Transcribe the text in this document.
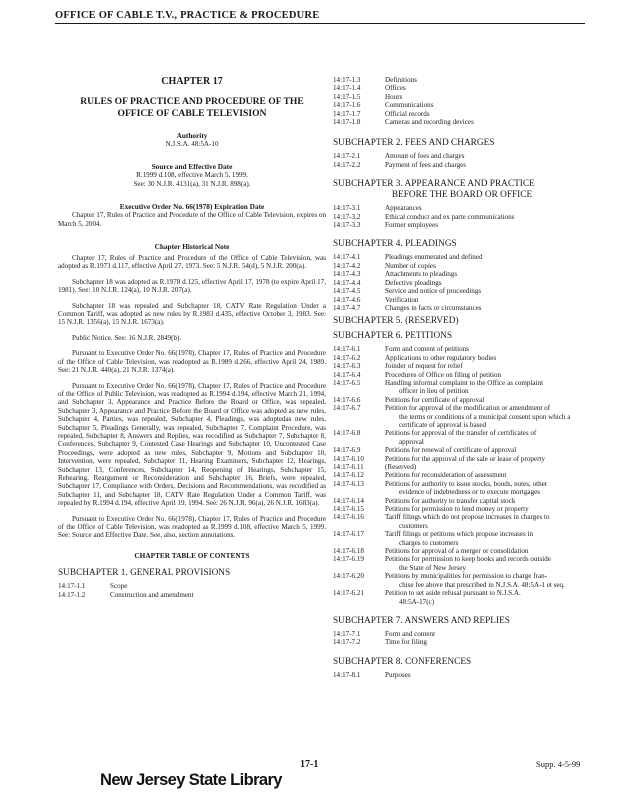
OFFICE OF CABLE T.V., PRACTICE & PROCEDURE
CHAPTER 17
RULES OF PRACTICE AND PROCEDURE OF THE OFFICE OF CABLE TELEVISION
Authority
N.J.S.A. 48:5A-10
Source and Effective Date
R.1999 d.108, effective March 5, 1999.
See: 30 N.J.R. 4131(a), 31 N.J.R. 898(a).
Executive Order No. 66(1978) Expiration Date

Chapter 17, Rules of Practice and Procedure of the Office of Cable Television, expires on March 5, 2004.

Chapter Historical Note

Chapter 17, Rules of Practice and Procedure of the Office of Cable Television, was adopted as R.1973 d.117, effective April 27, 1973. See: 5 N.J.R. 54(d), 5 N.J.R. 200(a).

Subchapter 18 was adopted as R.1978 d.125, effective April 17, 1978 (to expire April 17, 1981). See: 10 N.J.R. 124(a), 10 N.J.R. 207(a).

Subchapter 18 was repealed and Subchapter 18, CATV Rate Regulation Under a Common Tariff, was adopted as new rules by R.1983 d.435, effective October 3, 1983. See: 15 N.J.R. 1356(a), 15 N.J.R. 1673(a).

Public Notice. See: 16 N.J.R. 2849(b).

Pursuant to Executive Order No. 66(1978), Chapter 17, Rules of Practice and Procedure of the Office of Cable Television, was readopted as R.1989 d.266, effective April 24, 1989. See: 21 N.J.R. 440(a), 21 N.J.R. 1374(a).

Pursuant to Executive Order No. 66(1978), Chapter 17, Rules of Practice and Procedure of the Office of Public Television, was readopted as R.1994 d.194, effective March 21, 1994, and Subchapter 3, Appearance and Practice Before the Board or Office, was repealed, Subchapter 3, Appearance and Practice Before the Board or Office was adopted as new rules, Subchapter 4, Parties, was repealed, Subchapter 4, Pleadings, was adoptedas new rules, Subchapter 5, Pleadings Generally, was repealed, Subchapter 7, Complaint Procedure, was repealed, Subchapter 8, Answers and Replies, was recodified as Subchapter 7, Subchapter 8, Conferences, Subchapter 9, Contested Case Hearings and Subchapter 10, Uncontested Case Proceedings, were adopted as new rules, Subchapter 9, Motions and Subchapter 10, Intervention, were repealed, Subchapter 11, Hearing Examiners, Subchapter 12, Hearings, Subchapter 13, Conferences, Subchapter 14, Reopening of Hearings, Subchapter 15, Rehearing, Reargument or Reconsideration and Subchapter 16, Briefs, were repealed, Subchapter 17, Compliance with Orders, Decisions and Recommendations, was recodified as Subchapter 11, and Subchapter 18, CATV Rate Regulation Under a Common Tariff, was repealed by R.1994 d.194, effective April 19, 1994. See: 26 N.J.R. 96(a), 26 N.J.R. 1683(a).

Pursuant to Executive Order No. 66(1978), Chapter 17, Rules of Practice and Procedure of the Office of Cable Television, was readopted as R.1999 d.108, effective March 5, 1999. See: Source and Effective Date. See, also, section annotations.

CHAPTER TABLE OF CONTENTS
SUBCHAPTER 1. GENERAL PROVISIONS
14:17-1.1	Scope
14:17-1.2	Construction and amendment
14:17-1.3	Definitions
14:17-1.4	Offices
14:17-1.5	Hours
14:17-1.6	Communications
14:17-1.7	Official records
14:17-1.8	Cameras and recording devices
SUBCHAPTER 2. FEES AND CHARGES
14:17-2.1	Amount of fees and charges
14:17-2.2	Payment of fees and charges
SUBCHAPTER 3. APPEARANCE AND PRACTICE
BEFORE THE BOARD OR OFFICE
14:17-3.1	Appearances
14:17-3.2	Ethical conduct and ex parte communications
14:17-3.3	Former employees
SUBCHAPTER 4. PLEADINGS
14:17-4.1	Pleadings enumerated and defined
14:17-4.2	Number of copies
14:17-4.3	Attachments to pleadings
14:17-4.4	Defective pleadings
14:17-4.5	Service and notice of proceedings
14:17-4.6	Verification
14:17-4.7	Changes in facts or circumstances
SUBCHAPTER 5. (RESERVED)
SUBCHAPTER 6. PETITIONS
14:17-6.1	Form and content of petitions
14:17-6.2	Applications to other regulatory bodies
14:17-6.3	Joinder of request for relief
14:17-6.4	Procedures of Office on filing of petition
14:17-6.5	Handling informal complaint to the Office as complaint
officer in lieu of petition
14:17-6.6	Petitions for certificate of approval
14:17-6.7	Petition for approval of the modification or amendment of
the terms or conditions of a municipal consent upon which a certificate of approval is based
14:17-6.8	Petitions for approval of the transfer of certificates of
approval
14:17-6.9	Petitions for renewal of certificate of approval
14:17-6.10	Petitions for the approval of the sale or lease of property
14:17-6.11	(Reserved)
14:17-6.12	Petitions for reconsideration of assessment
14:17-6.13	Petitions for authority to issue stocks, bonds, notes, other
evidence of indebtedness or to execute mortgages
14:17-6.14	Petitions for authority to transfer capital stock
14:17-6.15	Petitions for permission to lend money or property
14:17-6.16	Tariff filings which do not propose increases in charges to
customers
14:17-6.17	Tariff filings or petitions which propose increases in
charges to customers
14:17-6.18	Petitions for approval of a merger or consolidation
14:17-6.19	Petitions for permission to keep books and records outside
the State of New Jersey
14:17-6.20	Petitions by municipalities for permission to charge fran-
chise fee above that prescribed in N.J.S.A. 48:5A-1 et seq.
14:17-6.21	Petition to set aside refusal pursuant to N.J.S.A.
48:5A-17(c)
SUBCHAPTER 7. ANSWERS AND REPLIES
14:17-7.1	Form and content
14:17-7.2	Time for filing
SUBCHAPTER 8. CONFERENCES
14:17-8.1	Purposes
17-1	Supp. 4-5-99
New Jersey State Library
